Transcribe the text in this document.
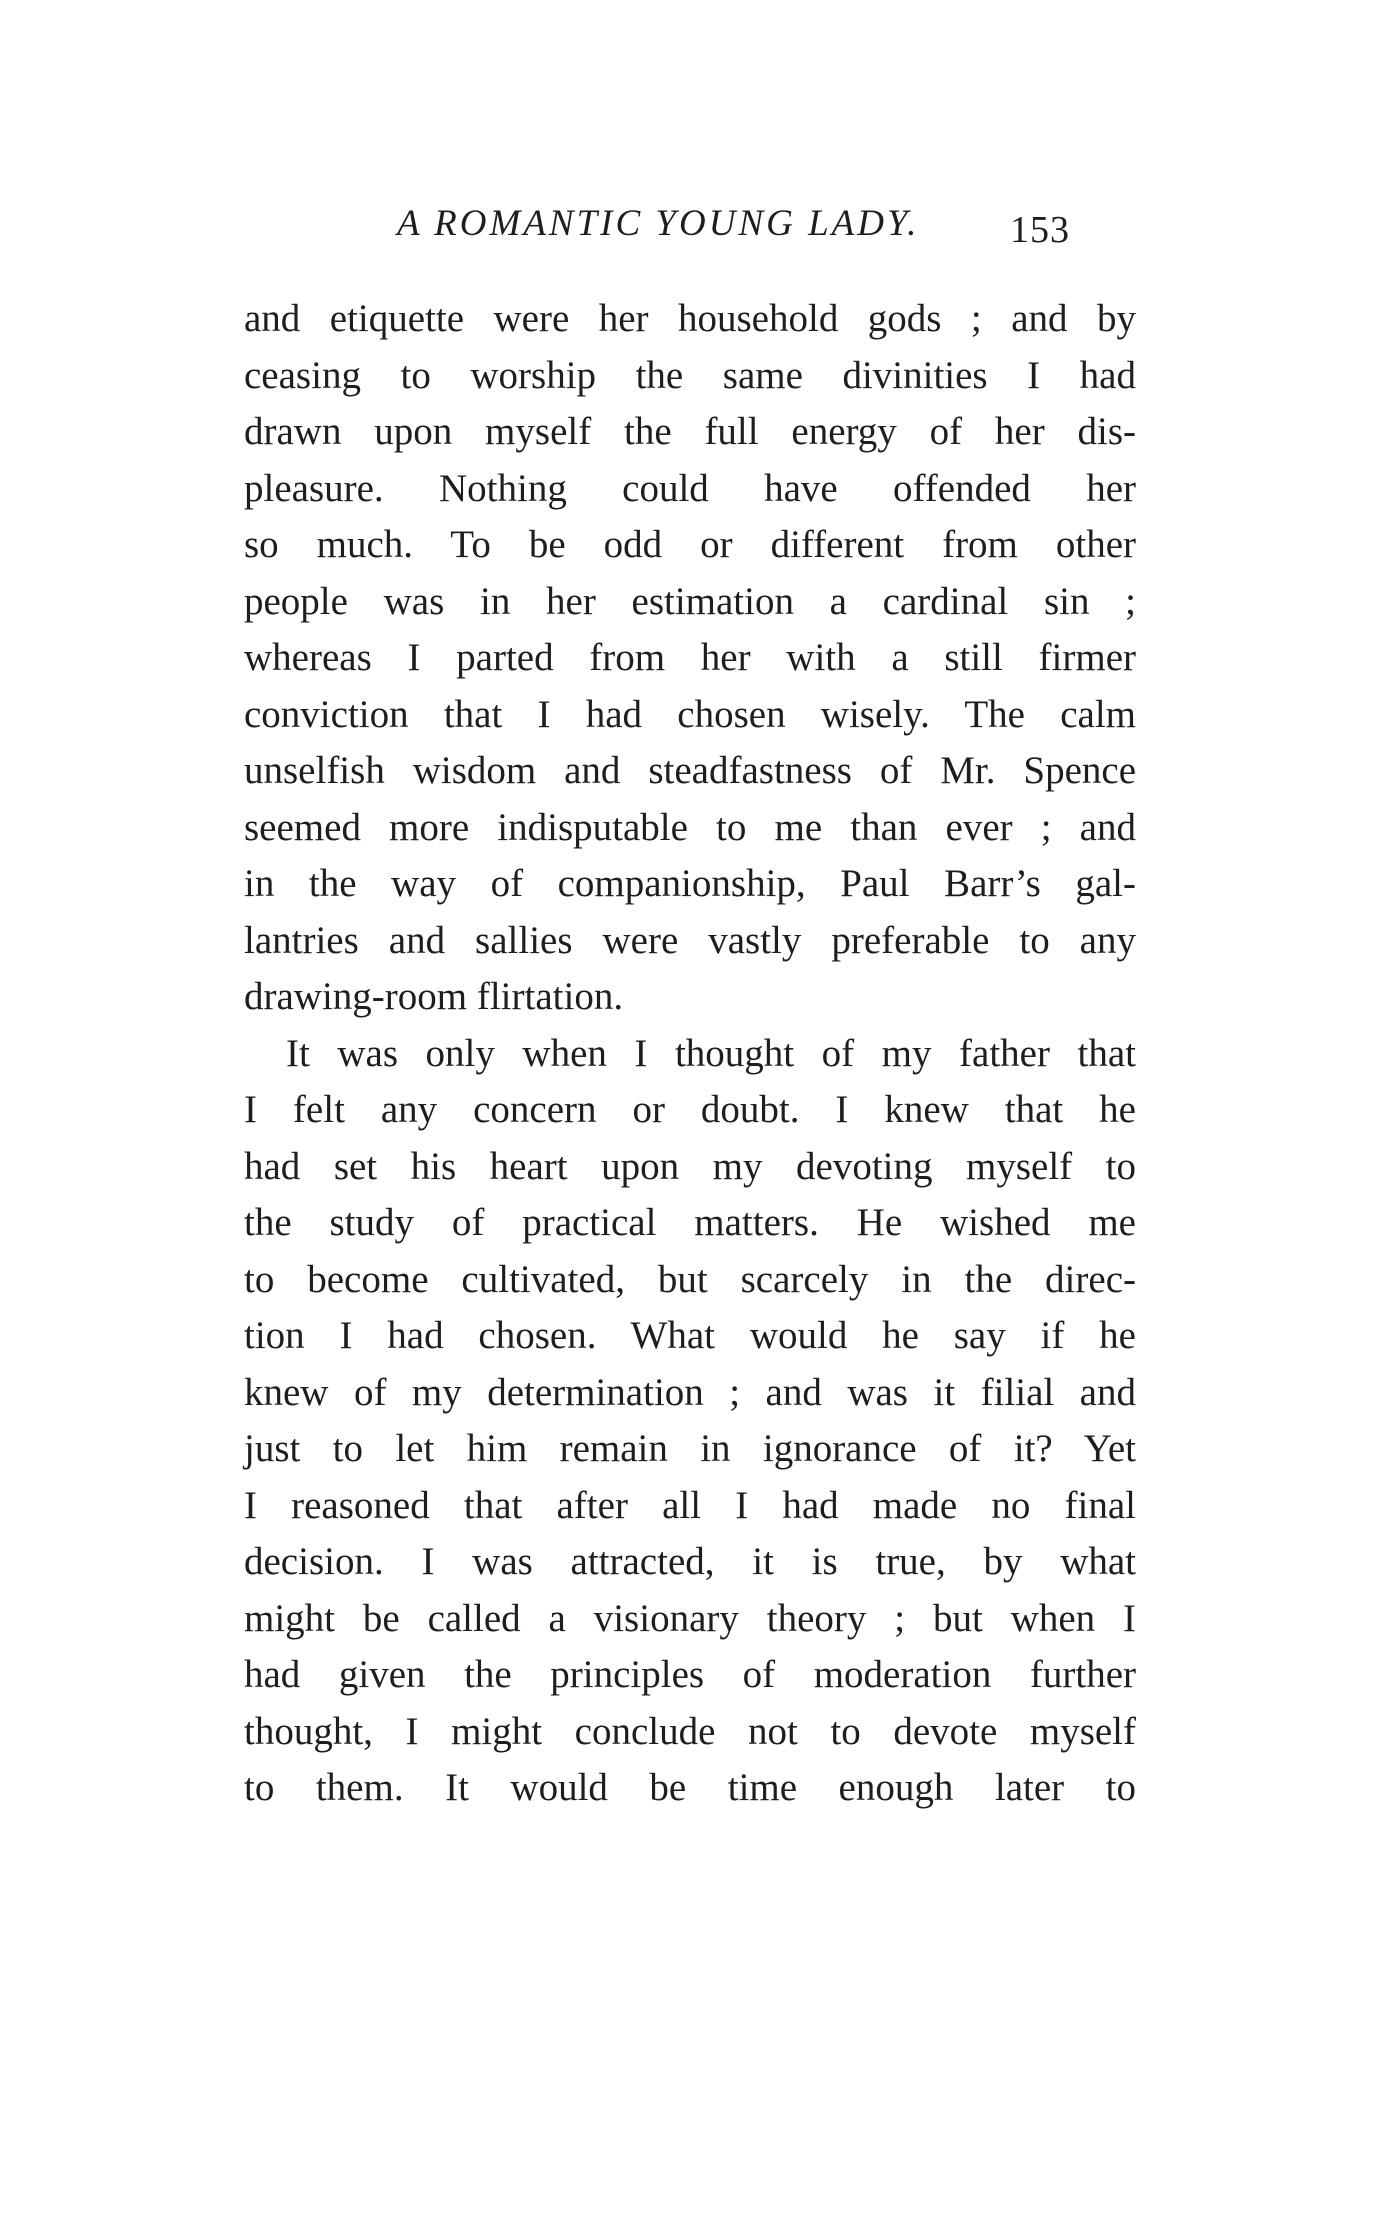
A ROMANTIC YOUNG LADY. 153
and etiquette were her household gods ; and by
ceasing to worship the same divinities I had
drawn upon myself the full energy of her dis-
pleasure. Nothing could have offended her
so much. To be odd or different from other
people was in her estimation a cardinal sin ;
whereas I parted from her with a still firmer
conviction that I had chosen wisely. The calm
unselfish wisdom and steadfastness of Mr. Spence
seemed more indisputable to me than ever ; and
in the way of companionship, Paul Barr’s gal-
lantries and sallies were vastly preferable to any
drawing-room flirtation.
It was only when I thought of my father that
I felt any concern or doubt. I knew that he
had set his heart upon my devoting myself to
the study of practical matters. He wished me
to become cultivated, but scarcely in the direc-
tion I had chosen. What would he say if he
knew of my determination ; and was it filial and
just to let him remain in ignorance of it? Yet
I reasoned that after all I had made no final
decision. I was attracted, it is true, by what
might be called a visionary theory ; but when I
had given the principles of moderation further
thought, I might conclude not to devote myself
to them. It would be time enough later to
